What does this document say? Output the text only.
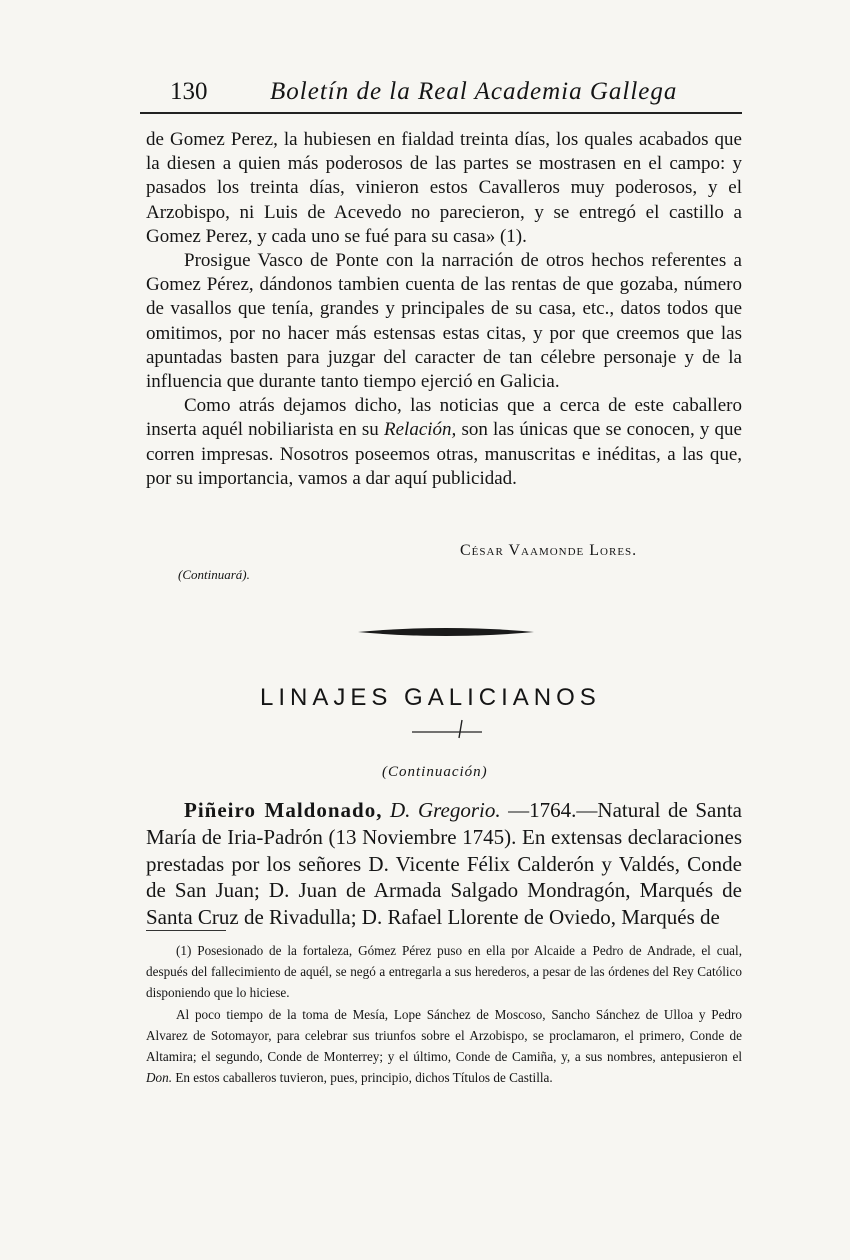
130	Boletín de la Real Academia Gallega

de Gomez Perez, la hubiesen en fialdad treinta días, los quales acabados que la diesen a quien más poderosos de las partes se mostrasen en el campo: y pasados los treinta días, vinieron estos Cavalleros muy poderosos, y el Arzobispo, ni Luis de Acevedo no parecieron, y se entregó el castillo a Gomez Perez, y cada uno se fué para su casa» (1).

Prosigue Vasco de Ponte con la narración de otros hechos referentes a Gomez Pérez, dándonos tambien cuenta de las rentas de que gozaba, número de vasallos que tenía, grandes y principales de su casa, etc., datos todos que omitimos, por no hacer más estensas estas citas, y por que creemos que las apuntadas basten para juzgar del caracter de tan célebre personaje y de la influencia que durante tanto tiempo ejerció en Galicia.

Como atrás dejamos dicho, las noticias que a cerca de este caballero inserta aquél nobiliarista en su Relación, son las únicas que se conocen, y que corren impresas. Nosotros poseemos otras, manuscritas e inéditas, a las que, por su importancia, vamos a dar aquí publicidad.

César Vaamonde Lores.
(Continuará).
LINAJES GALICIANOS
(Continuación)

Piñeiro Maldonado, D. Gregorio. —1764.—Natural de Santa María de Iria-Padrón (13 Noviembre 1745). En extensas declaraciones prestadas por los señores D. Vicente Félix Calderón y Valdés, Conde de San Juan; D. Juan de Armada Salgado Mondragón, Marqués de Santa Cruz de Rivadulla; D. Rafael Llorente de Oviedo, Marqués de

(1) Posesionado de la fortaleza, Gómez Pérez puso en ella por Alcaide a Pedro de Andrade, el cual, después del fallecimiento de aquél, se negó a entregarla a sus herederos, a pesar de las órdenes del Rey Católico disponiendo que lo hiciese.

Al poco tiempo de la toma de Mesía, Lope Sánchez de Moscoso, Sancho Sánchez de Ulloa y Pedro Alvarez de Sotomayor, para celebrar sus triunfos sobre el Arzobispo, se proclamaron, el primero, Conde de Altamira; el segundo, Conde de Monterrey; y el último, Conde de Camiña, y, a sus nombres, antepusieron el Don. En estos caballeros tuvieron, pues, principio, dichos Títulos de Castilla.
